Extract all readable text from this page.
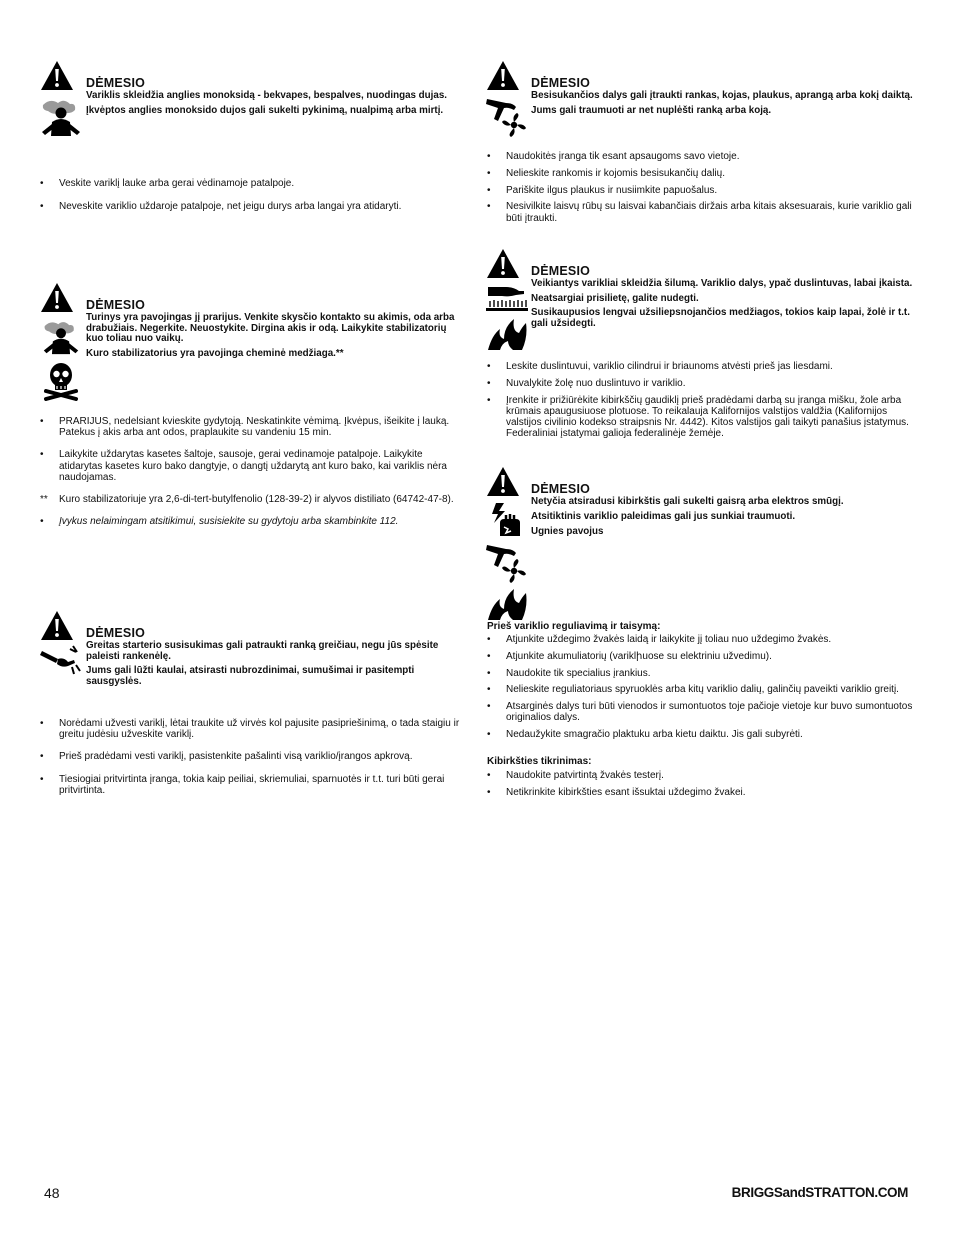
DĖMESIO
Variklis skleidžia anglies monoksidą - bekvapes, bespalves, nuodingas dujas.
Įkvėptos anglies monoksido dujos gali sukelti pykinimą, nualpimą arba mirtį.
•	Veskite variklį lauke arba gerai vėdinamoje patalpoje.
•	Neveskite variklio uždaroje patalpoje, net jeigu durys arba langai yra atidaryti.
DĖMESIO
Turinys yra pavojingas jį prarijus. Venkite skysčio kontakto su akimis, oda arba drabužiais. Negerkite. Neuostykite. Dirgina akis ir odą. Laikykite stabilizatorių kuo toliau nuo vaikų.
Kuro stabilizatorius yra pavojinga cheminė medžiaga.**
•	PRARIJUS, nedelsiant kvieskite gydytoją. Neskatinkite vėmimą. Įkvėpus, išeikite į lauką. Patekus į akis arba ant odos, praplaukite su vandeniu 15 min.
•	Laikykite uždarytas kasetes šaltoje, sausoje, gerai vedinamoje patalpoje. Laikykite atidarytas kasetes kuro bako dangtyje, o dangtį uždarytą ant kuro bako, kai variklis nėra naudojamas.
**	Kuro stabilizatoriuje yra 2,6-di-tert-butylfenolio (128-39-2) ir alyvos distiliato (64742-47-8).
•	Įvykus nelaimingam atsitikimui, susisiekite su gydytoju arba skambinkite 112.
DĖMESIO
Greitas starterio susisukimas gali patraukti ranką greičiau, negu jūs spėsite paleisti rankenėlę.
Jums gali lūžti kaulai, atsirasti nubrozdinimai, sumušimai ir pasitempti sausgyslės.
•	Norėdami užvesti variklį, lėtai traukite už virvės kol pajusite pasipriešinimą, o tada staigiu ir greitu judėsiu užveskite variklį.
•	Prieš pradėdami vesti variklį, pasistenkite pašalinti visą variklio/įrangos apkrovą.
•	Tiesiogiai pritvirtinta įranga, tokia kaip peiliai, skriemuliai, sparnuotės ir t.t. turi būti gerai pritvirtinta.
DĖMESIO
Besisukančios dalys gali įtraukti rankas, kojas, plaukus, aprangą arba kokį daiktą.
Jums gali traumuoti ar net nuplėšti ranką arba koją.
•	Naudokitės įranga tik esant apsaugoms savo vietoje.
•	Nelieskite rankomis ir kojomis besisukančių dalių.
•	Pariškite ilgus plaukus ir nusiimkite papuošalus.
•	Nesivilkite laisvų rūbų su laisvai kabančiais diržais arba kitais aksesuarais, kurie variklio gali būti įtraukti.
DĖMESIO
Veikiantys varikliai skleidžia šilumą. Variklio dalys, ypač duslintuvas, labai įkaista.
Neatsargiai prisilietę, galite nudegti.
Susikaupusios lengvai užsiliepsnojančios medžiagos, tokios kaip lapai, žolė ir t.t. gali užsidegti.
•	Leskite duslintuvui, variklio cilindrui ir briaunoms atvėsti prieš jas liesdami.
•	Nuvalykite žolę nuo duslintuvo ir variklio.
•	Įrenkite ir prižiūrėkite kibirkščių gaudiklį prieš pradėdami darbą su įranga mišku, žole arba krūmais apaugusiuose plotuose. To reikalauja Kalifornijos valstijos valdžia (Kalifornijos valstijos civilinio kodekso straipsnis Nr. 4442). Kitos valstijos gali taikyti panašius įstatymus. Federaliniai įstatymai galioja federalinėje žemėje.
DĖMESIO
Netyčia atsiradusi kibirkštis gali sukelti gaisrą arba elektros smūgį.
Atsitiktinis variklio paleidimas gali jus sunkiai traumuoti.
Ugnies pavojus
Prieš variklio reguliavimą ir taisymą:
•	Atjunkite uždegimo žvakės laidą ir laikykite jį toliau nuo uždegimo žvakės.
•	Atjunkite akumuliatorių (variklիuose su elektriniu užvedimu).
•	Naudokite tik specialius įrankius.
•	Nelieskite reguliatoriaus spyruoklės arba kitų variklio dalių, galinčių paveikti variklio greitį.
•	Atsarginės dalys turi būti vienodos ir sumontuotos toje pačioje vietoje kur buvo sumontuotos originalios dalys.
•	Nedaužykite smagračio plaktuku arba kietu daiktu. Jis gali subyrėti.
Kibirkšties tikrinimas:
•	Naudokite patvirtintą žvakės testerį.
•	Netikrinkite kibirkšties esant išsuktai uždegimo žvakei.
48	BRIGGSandSTRATTON.COM
